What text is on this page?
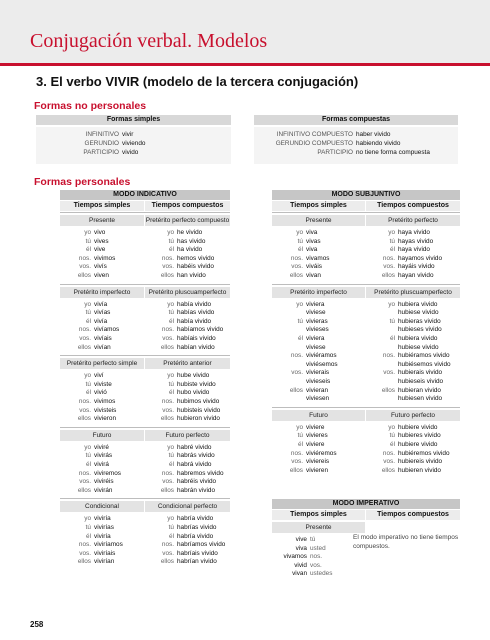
Conjugación verbal. Modelos
3. El verbo VIVIR (modelo de la tercera conjugación)
Formas no personales
Formas simples	Formas compuestas
INFINITIVO vivir
GERUNDIO viviendo
PARTICIPIO vivido
INFINITIVO COMPUESTO haber vivido
GERUNDIO COMPUESTO habiendo vivido
PARTICIPIO no tiene forma compuesta
Formas personales
MODO INDICATIVO
Tiempos simples	Tiempos compuestos
MODO SUBJUNTIVO
Tiempos simples	Tiempos compuestos
Presente
yo vivo
tú vives
él vive
nos. vivimos
vos. vivís
ellos viven
Pretérito perfecto compuesto
yo he vivido
tú has vivido
él ha vivido
nos. hemos vivido
vos. habéis vivido
ellos han vivido
Pretérito imperfecto
yo vivía
tú vivías
él vivía
nos. vivíamos
vos. vivíais
ellos vivían
Pretérito pluscuamperfecto
yo había vivido
tú habías vivido
él había vivido
nos. habíamos vivido
vos. habíais vivido
ellos habían vivido
Pretérito perfecto simple
yo viví
tú viviste
él vivió
nos. vivimos
vos. vivisteis
ellos vivieron
Pretérito anterior
yo hube vivido
tú hubiste vivido
él hubo vivido
nos. hubimos vivido
vos. hubisteis vivido
ellos hubieron vivido
Futuro
yo viviré
tú vivirás
él vivirá
nos. viviremos
vos. viviréis
ellos vivirán
Futuro perfecto
yo habré vivido
tú habrás vivido
él habrá vivido
nos. habremos vivido
vos. habréis vivido
ellos habrán vivido
Condicional
yo viviría
tú vivirías
él viviría
nos. viviríamos
vos. viviríais
ellos vivirían
Condicional perfecto
yo habría vivido
tú habrías vivido
él habría vivido
nos. habríamos vivido
vos. habríais vivido
ellos habrían vivido
Presente
yo viva
tú vivas
él viva
nos. vivamos
vos. viváis
ellos vivan
Pretérito perfecto
yo haya vivido
tú hayas vivido
él haya vivido
nos. hayamos vivido
vos. hayáis vivido
ellos hayan vivido
Pretérito imperfecto
yo viviera
viviese
tú vivieras
vivieses
él viviera
viviese
nos. viviéramos
viviésemos
vos. vivierais
vivieseis
ellos vivieran
viviesen
Pretérito pluscuamperfecto
yo hubiera vivido
hubiese vivido
tú hubieras vivido
hubieses vivido
él hubiera vivido
hubiese vivido
nos. hubiéramos vivido
hubiésemos vivido
vos. hubierais vivido
hubieseis vivido
ellos hubieran vivido
hubiesen vivido
Futuro
yo viviere
tú vivieres
él viviere
nos. viviéremos
vos. viviereis
ellos vivieren
Futuro perfecto
yo hubiere vivido
tú hubieres vivido
él hubiere vivido
nos. hubiéremos vivido
vos. hubiereis vivido
ellos hubieren vivido
MODO IMPERATIVO
Tiempos simples	Tiempos compuestos
Presente
vive tú
viva usted
vivamos nos.
vivid vos.
vivan ustedes
El modo imperativo no tiene tiempos compuestos.
258
